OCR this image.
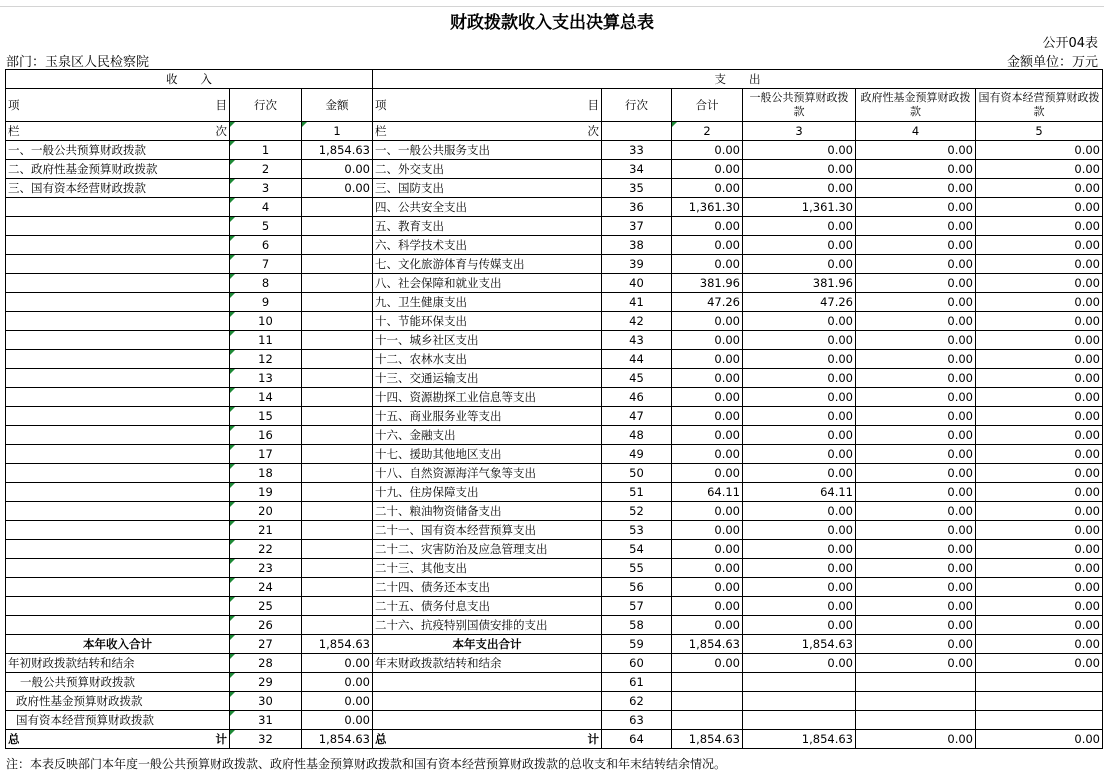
财政拨款收入支出决算总表
公开04表
部门：玉泉区人民检察院	金额单位：万元
收　　入			支　　出					

项 目	行次	金额	项 目	行次	合计	一般公共预算财政拨款	政府性基金预算财政拨款	国有资本经营预算财政拨款

栏 次		1	栏 次		2	3	4	5
一、一般公共预算财政拨款	1	1,854.63	一、一般公共服务支出	33	0.00	0.00	0.00	0.00
二、政府性基金预算财政拨款	2	0.00	二、外交支出	34	0.00	0.00	0.00	0.00
三、国有资本经营财政拨款	3	0.00	三、国防支出	35	0.00	0.00	0.00	0.00
	4		四、公共安全支出	36	1,361.30	1,361.30	0.00	0.00
	5		五、教育支出	37	0.00	0.00	0.00	0.00
	6		六、科学技术支出	38	0.00	0.00	0.00	0.00
	7		七、文化旅游体育与传媒支出	39	0.00	0.00	0.00	0.00
	8		八、社会保障和就业支出	40	381.96	381.96	0.00	0.00
	9		九、卫生健康支出	41	47.26	47.26	0.00	0.00
	10		十、节能环保支出	42	0.00	0.00	0.00	0.00
	11		十一、城乡社区支出	43	0.00	0.00	0.00	0.00
	12		十二、农林水支出	44	0.00	0.00	0.00	0.00
	13		十三、交通运输支出	45	0.00	0.00	0.00	0.00
	14		十四、资源勘探工业信息等支出	46	0.00	0.00	0.00	0.00
	15		十五、商业服务业等支出	47	0.00	0.00	0.00	0.00
	16		十六、金融支出	48	0.00	0.00	0.00	0.00
	17		十七、援助其他地区支出	49	0.00	0.00	0.00	0.00
	18		十八、自然资源海洋气象等支出	50	0.00	0.00	0.00	0.00
	19		十九、住房保障支出	51	64.11	64.11	0.00	0.00
	20		二十、粮油物资储备支出	52	0.00	0.00	0.00	0.00
	21		二十一、国有资本经营预算支出	53	0.00	0.00	0.00	0.00
	22		二十二、灾害防治及应急管理支出	54	0.00	0.00	0.00	0.00
	23		二十三、其他支出	55	0.00	0.00	0.00	0.00
	24		二十四、债务还本支出	56	0.00	0.00	0.00	0.00
	25		二十五、债务付息支出	57	0.00	0.00	0.00	0.00
	26		二十六、抗疫特别国债安排的支出	58	0.00	0.00	0.00	0.00
本年收入合计	27	1,854.63	本年支出合计	59	1,854.63	1,854.63	0.00	0.00
年初财政拨款结转和结余	28	0.00	年末财政拨款结转和结余	60	0.00	0.00	0.00	0.00
一般公共预算财政拨款	29	0.00		61				
政府性基金预算财政拨款	30	0.00		62				
国有资本经营预算财政拨款	31	0.00		63				

总 计	32	1,854.63	总 计	64	1,854.63	1,854.63	0.00	0.00
注：本表反映部门本年度一般公共预算财政拨款、政府性基金预算财政拨款和国有资本经营预算财政拨款的总收支和年末结转结余情况。
